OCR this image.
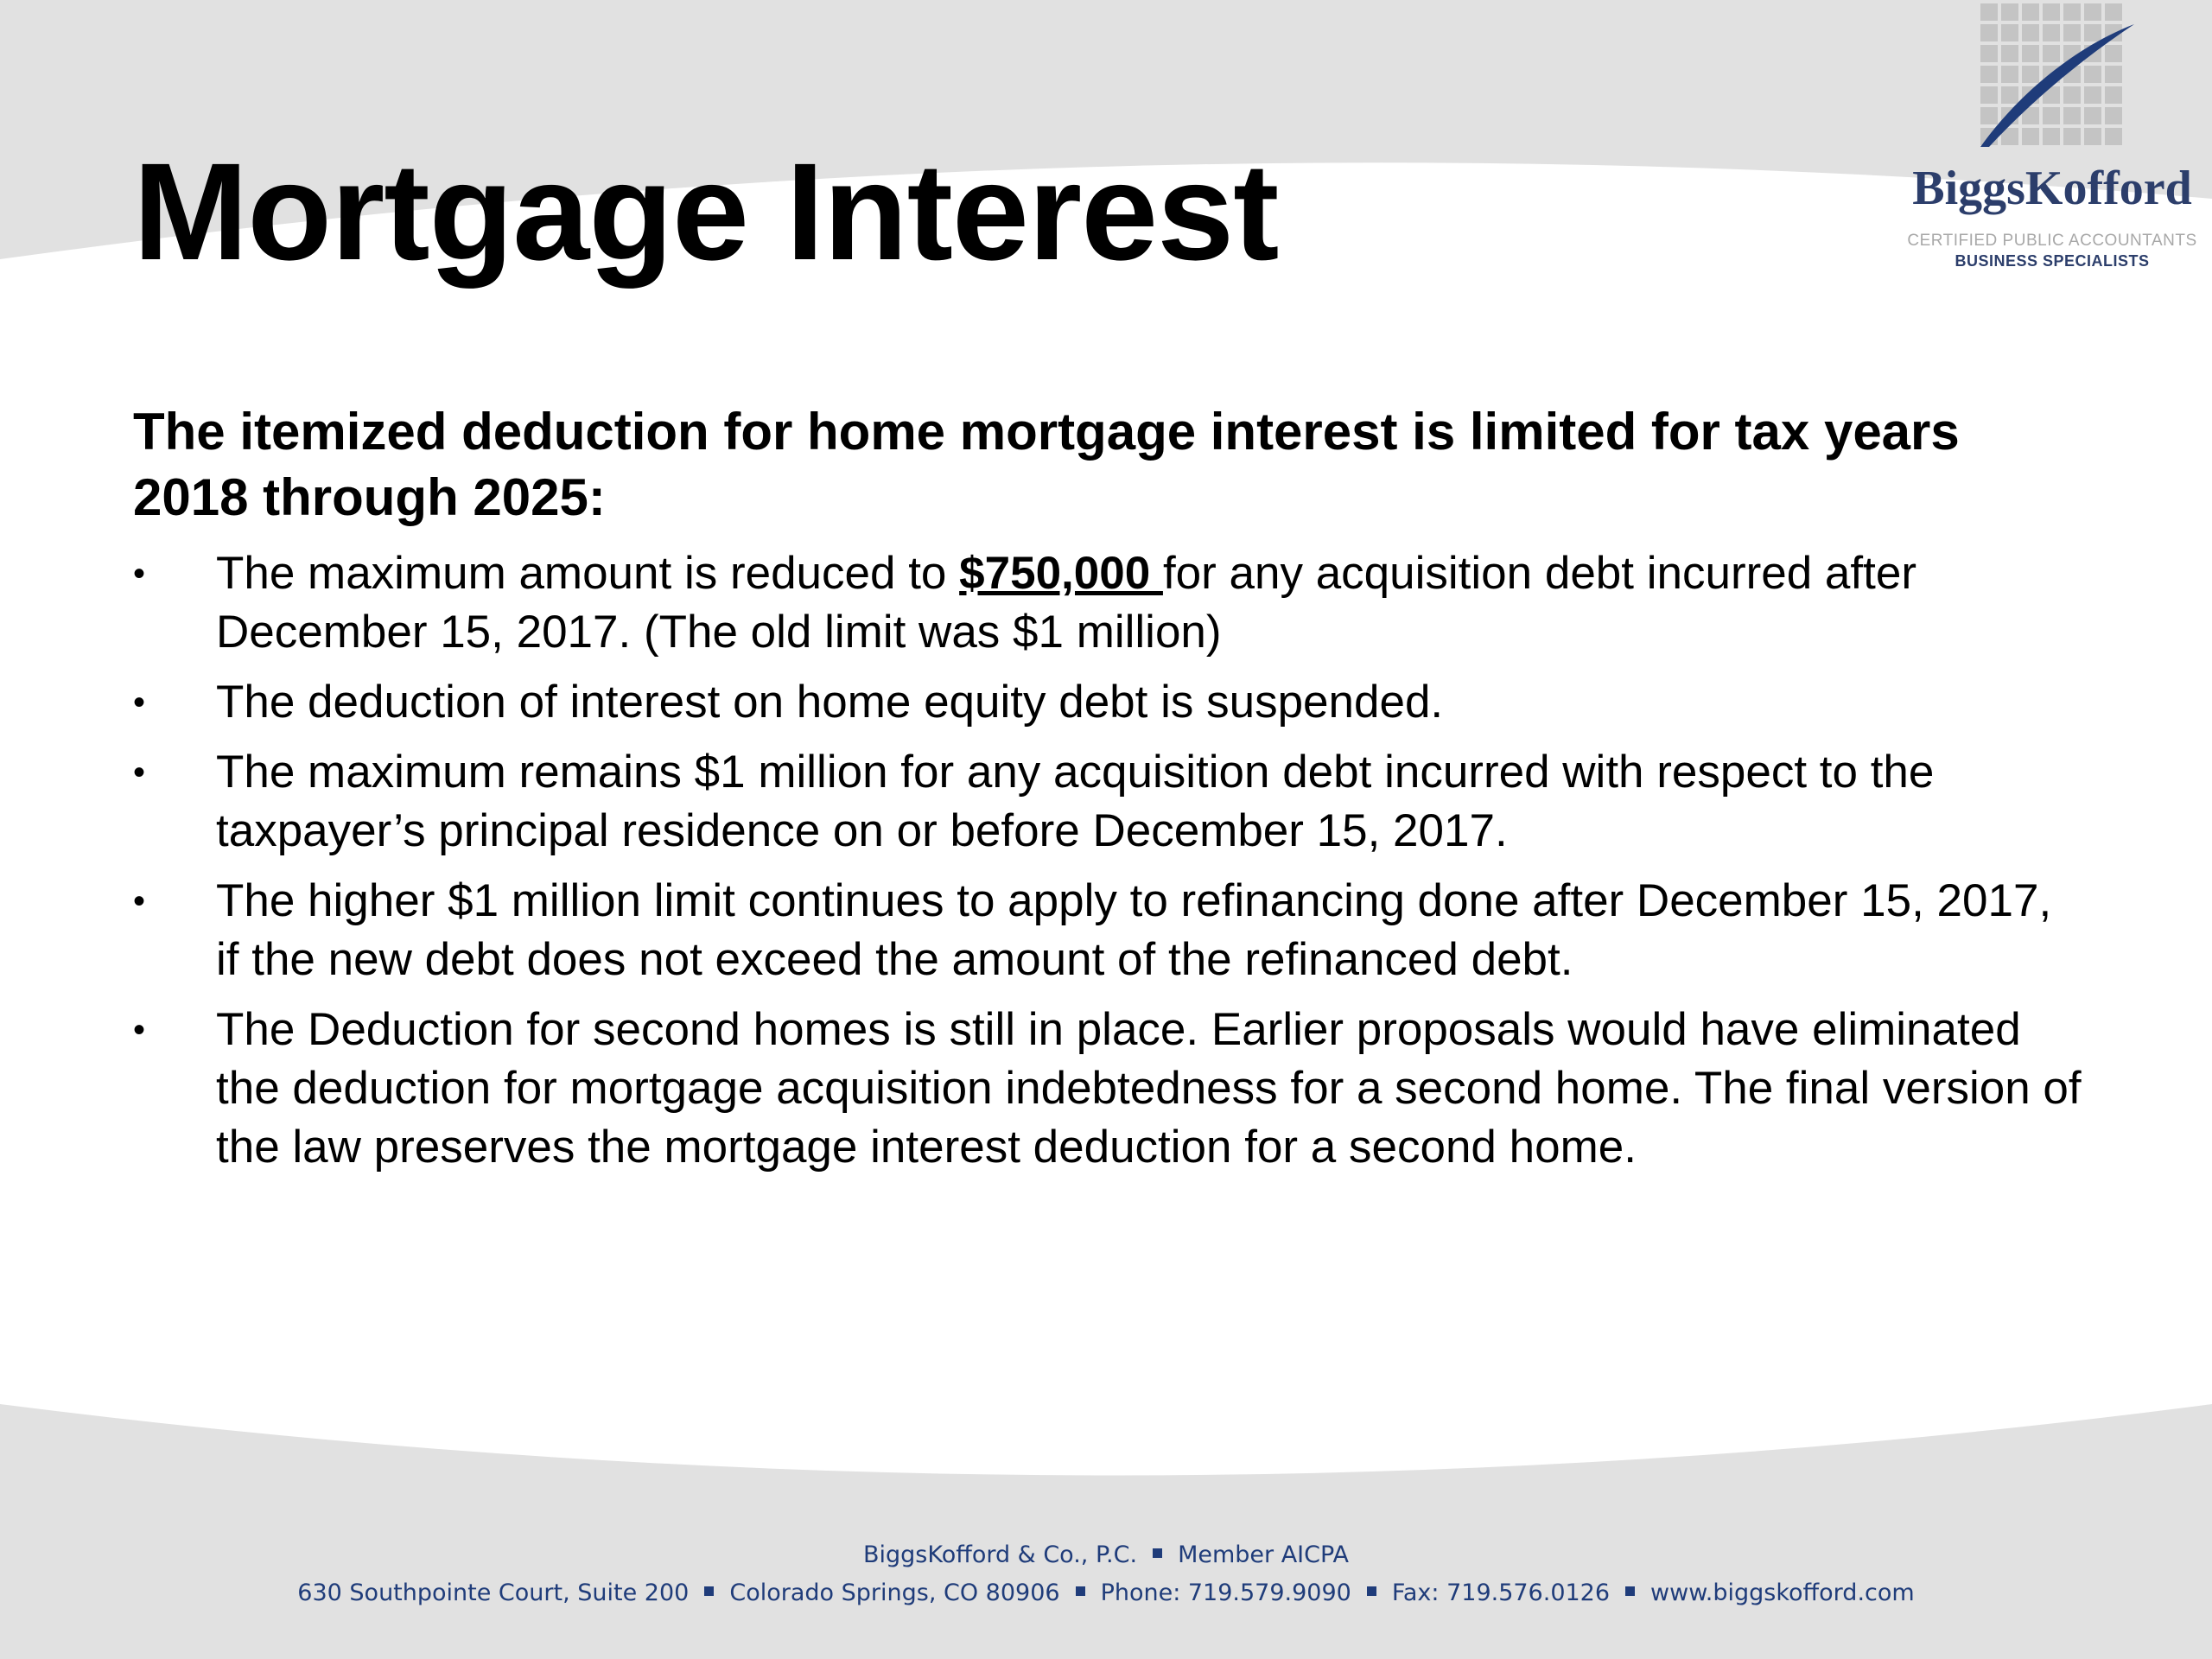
Mortgage Interest	BiggsKofford
CERTIFIED PUBLIC ACCOUNTANTS
BUSINESS SPECIALISTS

The itemized deduction for home mortgage interest is limited for tax years 2018 through 2025:

•	The maximum amount is reduced to $750,000 for any acquisition debt incurred after December 15, 2017. (The old limit was $1 million)
•	The deduction of interest on home equity debt is suspended.
•	The maximum remains $1 million for any acquisition debt incurred with respect to the taxpayer’s principal residence on or before December 15, 2017.
•	The higher $1 million limit continues to apply to refinancing done after December 15, 2017, if the new debt does not exceed the amount of the refinanced debt.
•	The Deduction for second homes is still in place. Earlier proposals would have eliminated the deduction for mortgage acquisition indebtedness for a second home. The final version of the law preserves the mortgage interest deduction for a second home.
BiggsKofford & Co., P.C. Member AICPA
630 Southpointe Court, Suite 200 Colorado Springs, CO 80906 Phone: 719.579.9090 Fax: 719.576.0126 www.biggskofford.com
